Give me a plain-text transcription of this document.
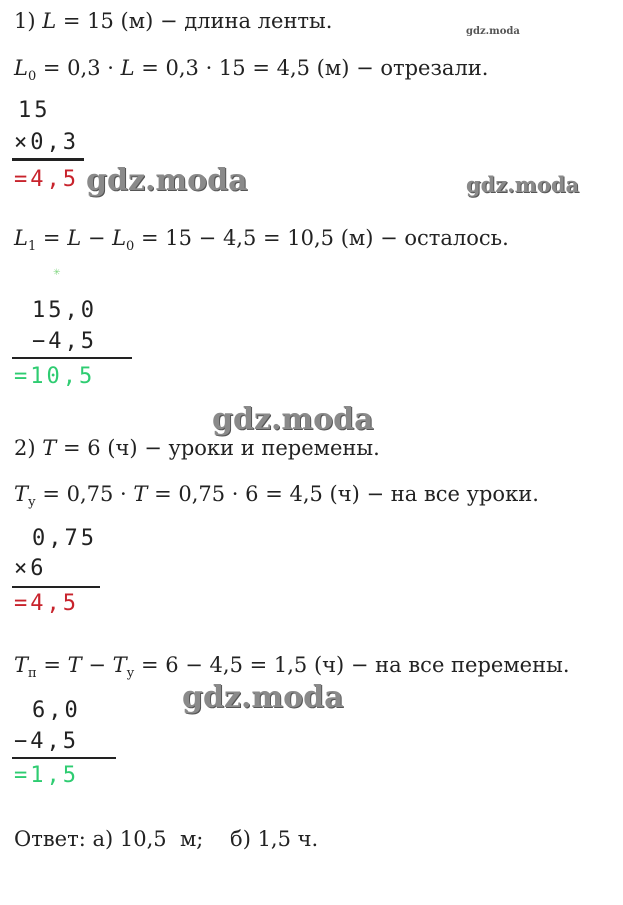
gdz.moda
gdz.moda	gdz.moda
gdz.moda
gdz.moda
✳
1) L = 15 (м) − длина ленты.
$L_0 = 0,3 \cdot L = 0,3 \cdot 15 = 4,5$ (м) − отрезали.
15
×0,3
=4,5
$L_1 = L - L_0 = 15 - 4,5 = 10,5$ (м) − осталось.
15,0
−4,5
=10,5
2) T = 6 (ч) − уроки и перемены.
$T_у = 0,75 \cdot T = 0,75 \cdot 6 = 4,5$ (ч) − на все уроки.
0,75
×6
=4,5
$T_п = T - T_у = 6 - 4,5 = 1,5$ (ч) − на все перемены.
6,0
−4,5
=1,5
Ответ: а) 10,5  м;    б) 1,5 ч.
